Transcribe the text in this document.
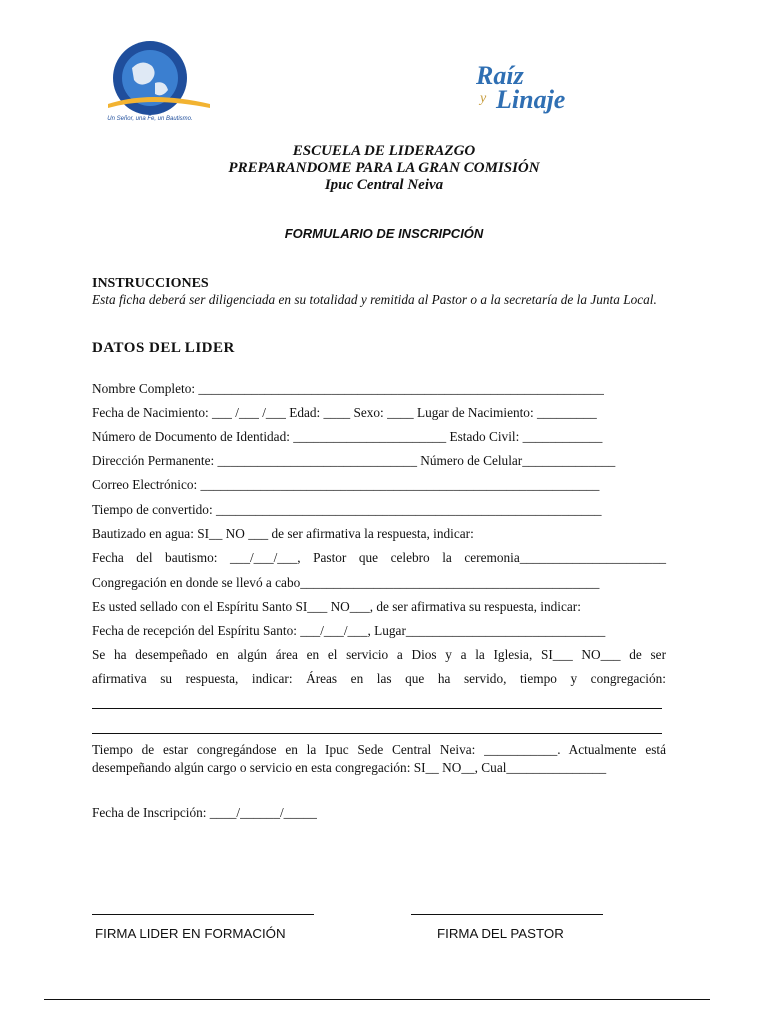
Un Señor, una Fe, un Bautismo.
Raíz
y Linaje
ESCUELA DE LIDERAZGO
PREPARANDOME PARA LA GRAN COMISIÓN
Ipuc Central Neiva
FORMULARIO DE INSCRIPCIÓN
INSTRUCCIONES
Esta ficha deberá ser diligenciada en su totalidad y remitida al Pastor o a la secretaría de la Junta Local.
DATOS DEL LIDER
Nombre Completo: _____________________________________________________________
Fecha de Nacimiento: ___ /___ /___ Edad: ____ Sexo: ____ Lugar de Nacimiento: _________
Número de Documento de Identidad: _______________________ Estado Civil: ____________
Dirección Permanente: ______________________________ Número de Celular______________
Correo Electrónico: ____________________________________________________________
Tiempo de convertido: __________________________________________________________
Bautizado en agua: SI__ NO ___ de ser afirmativa la respuesta, indicar:
Fecha del bautismo: ___/___/___, Pastor que celebro la ceremonia______________________
Congregación en donde se llevó a cabo_____________________________________________
Es usted sellado con el Espíritu Santo SI___ NO___, de ser afirmativa su respuesta, indicar:
Fecha de recepción del Espíritu Santo: ___/___/___, Lugar______________________________
Se ha desempeñado en algún área en el servicio a Dios y a la Iglesia, SI___ NO___ de ser
afirmativa su respuesta, indicar: Áreas en las que ha servido, tiempo y congregación:
Tiempo de estar congregándose en la Ipuc Sede Central Neiva: ___________. Actualmente está
desempeñando algún cargo o servicio en esta congregación: SI__ NO__, Cual_______________
Fecha de Inscripción: ____/______/_____
FIRMA LIDER EN FORMACIÓN	FIRMA DEL PASTOR
